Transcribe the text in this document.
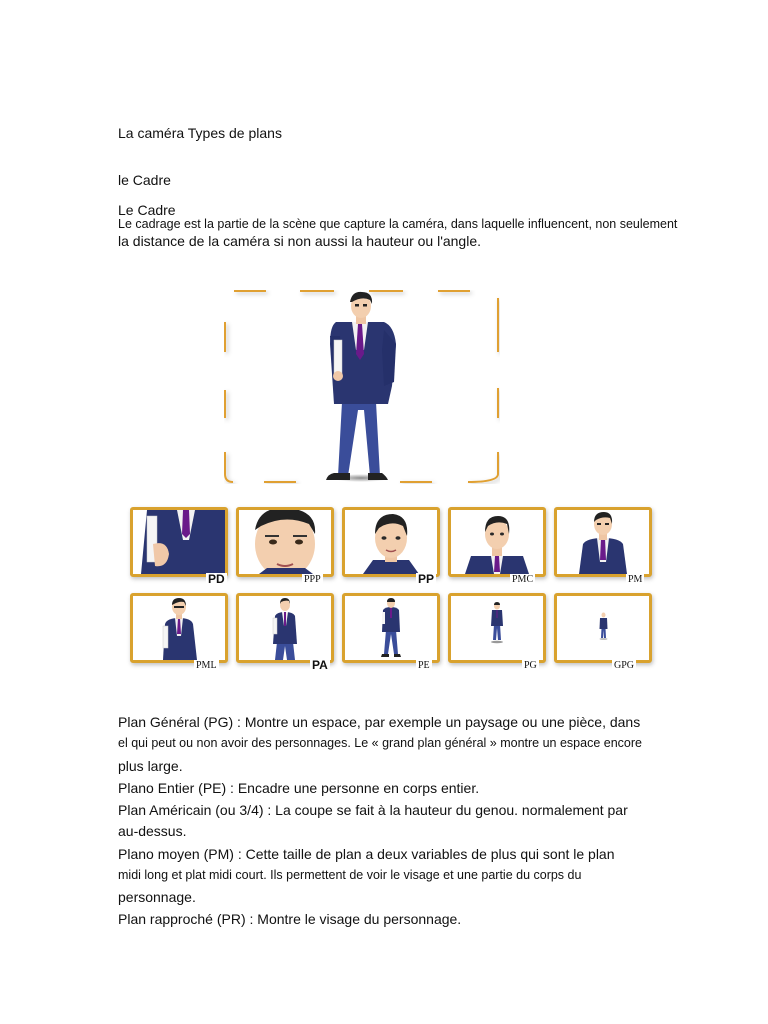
La caméra Types de plans
le Cadre
Le Cadre
Le cadrage est la partie de la scène que capture la caméra, dans laquelle influencent, non seulement
la distance de la caméra si non aussi la hauteur ou l'angle.
PD	PPP	PP	PMC	PM
PML	PA	PE	PG	GPG
Plan Général (PG) : Montre un espace, par exemple un paysage ou une pièce, dans
el qui peut ou non avoir des personnages. Le « grand plan général » montre un espace encore
plus large.
Plano Entier (PE) : Encadre une personne en corps entier.
Plan Américain (ou 3/4) : La coupe se fait à la hauteur du genou. normalement par
au-dessus.
Plano moyen (PM) : Cette taille de plan a deux variables de plus qui sont le plan
midi long et plat midi court. Ils permettent de voir le visage et une partie du corps du
personnage.
Plan rapproché (PR) : Montre le visage du personnage.
